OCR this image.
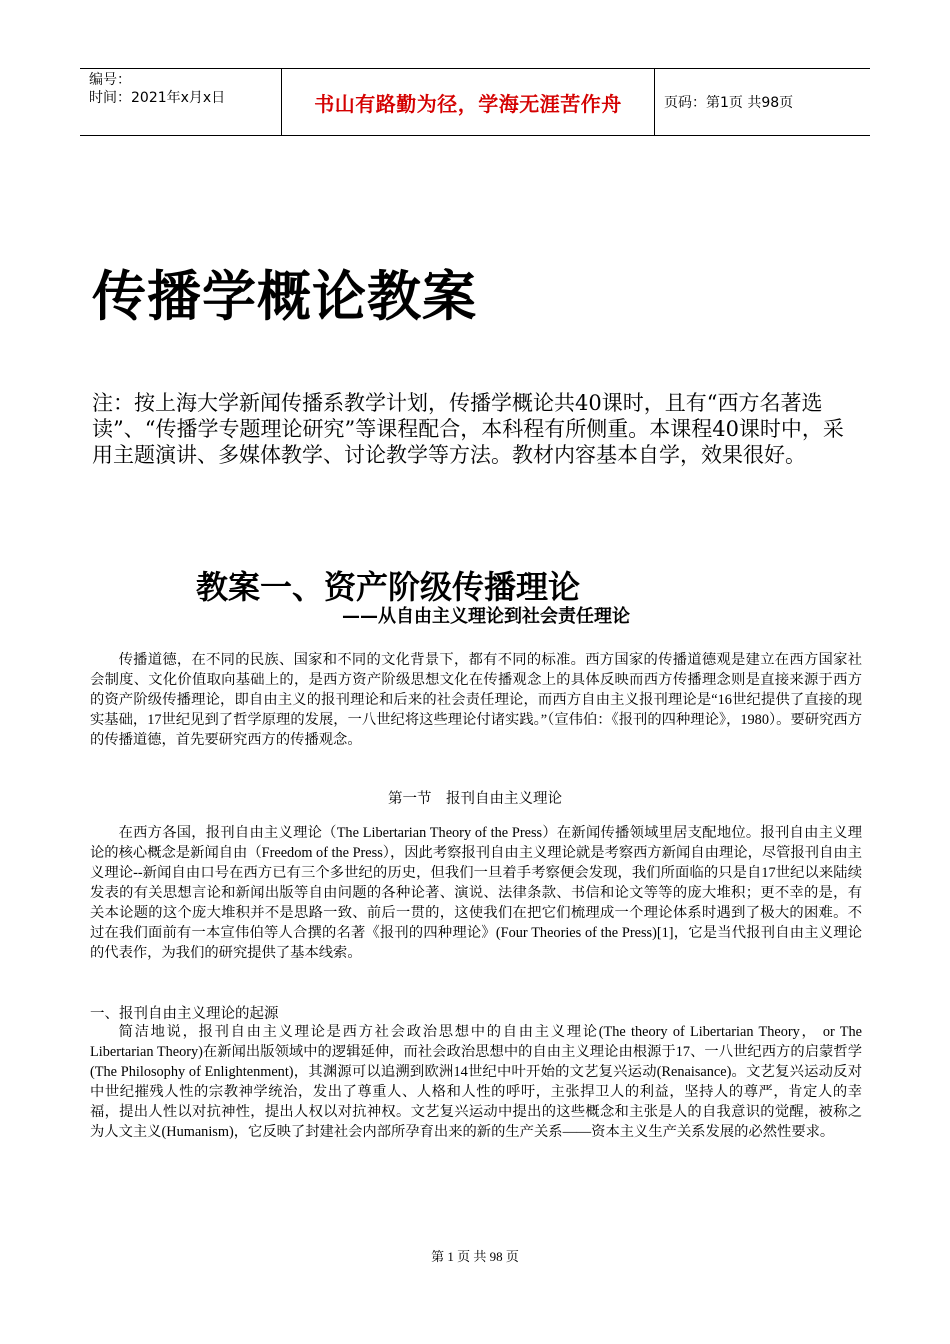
编号：
时间：2021年x月x日	书山有路勤为径，学海无涯苦作舟	页码：第1页 共98页
传播学概论教案
注：按上海大学新闻传播系教学计划，传播学概论共40课时，且有“西方名著选读”、“传播学专题理论研究”等课程配合，本科程有所侧重。本课程40课时中，采用主题演讲、多媒体教学、讨论教学等方法。教材内容基本自学，效果很好。
教案一、资产阶级传播理论
——从自由主义理论到社会责任理论

传播道德，在不同的民族、国家和不同的文化背景下，都有不同的标准。西方国家的传播道德观是建立在西方国家社会制度、文化价值取向基础上的，是西方资产阶级思想文化在传播观念上的具体反映而西方传播理念则是直接来源于西方的资产阶级传播理论，即自由主义的报刊理论和后来的社会责任理论，而西方自由主义报刊理论是“16世纪提供了直接的现实基础，17世纪见到了哲学原理的发展，一八世纪将这些理论付诸实践。”（宣伟伯：《报刊的四种理论》，1980）。要研究西方的传播道德，首先要研究西方的传播观念。

第一节    报刊自由主义理论

在西方各国，报刊自由主义理论（The Libertarian Theory of the Press）在新闻传播领域里居支配地位。报刊自由主义理论的核心概念是新闻自由（Freedom of the Press），因此考察报刊自由主义理论就是考察西方新闻自由理论，尽管报刊自由主义理论--新闻自由口号在西方已有三个多世纪的历史，但我们一旦着手考察便会发现，我们所面临的只是自17世纪以来陆续发表的有关思想言论和新闻出版等自由问题的各种论著、演说、法律条款、书信和论文等等的庞大堆积；更不幸的是，有关本论题的这个庞大堆积并不是思路一致、前后一贯的，这使我们在把它们梳理成一个理论体系时遇到了极大的困难。不过在我们面前有一本宣伟伯等人合撰的名著《报刊的四种理论》(Four Theories of the Press)[1]，它是当代报刊自由主义理论的代表作，为我们的研究提供了基本线索。

一、报刊自由主义理论的起源

简洁地说，报刊自由主义理论是西方社会政治思想中的自由主义理论(The theory of Libertarian Theory， or The Libertarian Theory)在新闻出版领域中的逻辑延伸，而社会政治思想中的自由主义理论由根源于17、一八世纪西方的启蒙哲学(The Philosophy of Enlightenment)，其渊源可以追溯到欧洲14世纪中叶开始的文艺复兴运动(Renaisance)。文艺复兴运动反对中世纪摧残人性的宗教神学统治，发出了尊重人、人格和人性的呼吁，主张捍卫人的利益，坚持人的尊严，肯定人的幸福，提出人性以对抗神性，提出人权以对抗神权。文艺复兴运动中提出的这些概念和主张是人的自我意识的觉醒，被称之为人文主义(Humanism)，它反映了封建社会内部所孕育出来的新的生产关系——资本主义生产关系发展的必然性要求。

第 1 页 共 98 页
